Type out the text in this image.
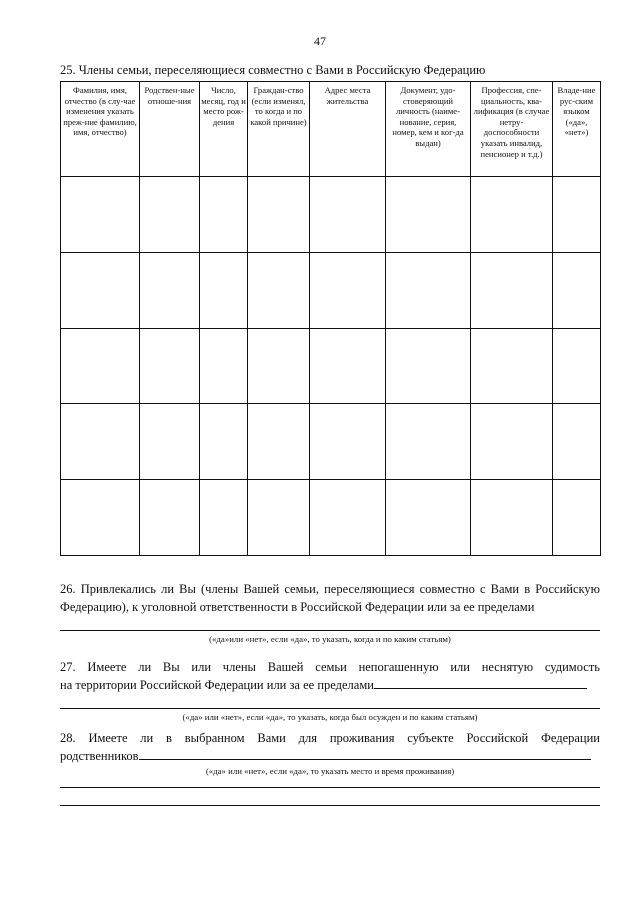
47
25. Члены семьи, переселяющиеся совместно с Вами в Российскую Федерацию
Фамилия, имя, отчество (в слу-чае изменения указать преж-ние фамилию, имя, отчество)	Родствен-ные отноше-ния	Число, месяц, год и место рож-дения	Граждан-ство (если изменял, то когда и по какой причине)	Адрес места жительства	Документ, удо-стоверяющий личность (наиме-нование, серия, номер, кем и ког-да выдан)	Профессия, спе-циальность, ква-лификация (в случае нетру-доспособности указать инвалид, пенсионер и т.д.)	Владе-ние рус-ским языком («да», «нет»)

26. Привлекались ли Вы (члены Вашей семьи, переселяющиеся совместно с Вами в Российскую
Федерацию), к уголовной ответственности в Российской Федерации или за ее пределами
(«да»или «нет», если «да», то указать, когда и по каким статьям)
27. Имеете ли Вы или члены Вашей семьи непогашенную или неснятую судимость
на территории Российской Федерации или за ее пределами
(«да» или «нет», если «да», то указать, когда был осужден и по каким статьям)
28. Имеете ли в выбранном Вами для проживания субъекте Российской Федерации
родственников
(«да» или «нет», если «да», то указать место и время проживания)
